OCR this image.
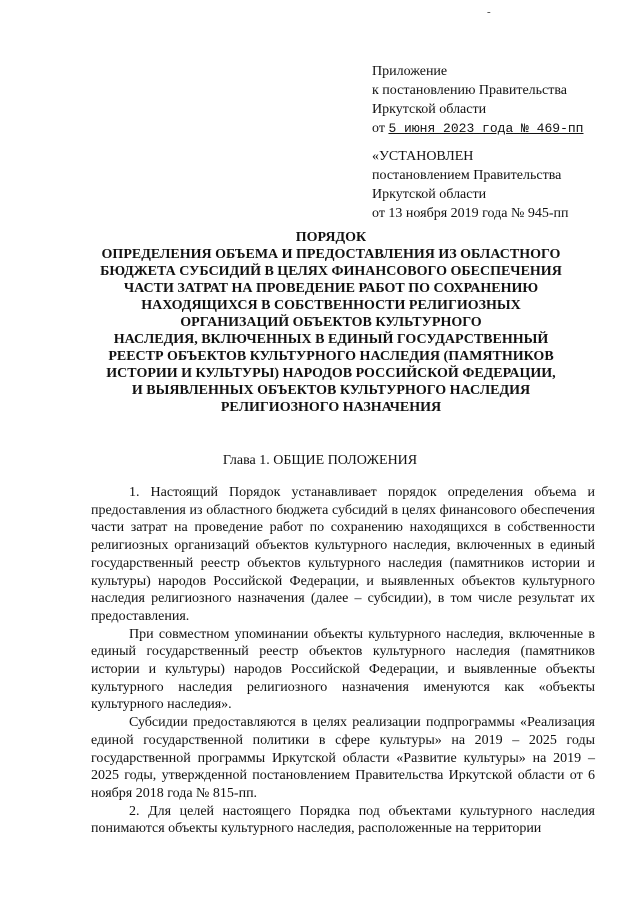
-
Приложение
к постановлению Правительства
Иркутской области
от 5 июня 2023 года № 469-пп
«УСТАНОВЛЕН
постановлением Правительства
Иркутской области
от 13 ноября 2019 года № 945-пп
ПОРЯДОК
ОПРЕДЕЛЕНИЯ ОБЪЕМА И ПРЕДОСТАВЛЕНИЯ ИЗ ОБЛАСТНОГО
БЮДЖЕТА СУБСИДИЙ В ЦЕЛЯХ ФИНАНСОВОГО ОБЕСПЕЧЕНИЯ
ЧАСТИ ЗАТРАТ НА ПРОВЕДЕНИЕ РАБОТ ПО СОХРАНЕНИЮ
НАХОДЯЩИХСЯ В СОБСТВЕННОСТИ РЕЛИГИОЗНЫХ
ОРГАНИЗАЦИЙ ОБЪЕКТОВ КУЛЬТУРНОГО
НАСЛЕДИЯ, ВКЛЮЧЕННЫХ В ЕДИНЫЙ ГОСУДАРСТВЕННЫЙ
РЕЕСТР ОБЪЕКТОВ КУЛЬТУРНОГО НАСЛЕДИЯ (ПАМЯТНИКОВ
ИСТОРИИ И КУЛЬТУРЫ) НАРОДОВ РОССИЙСКОЙ ФЕДЕРАЦИИ,
И ВЫЯВЛЕННЫХ ОБЪЕКТОВ КУЛЬТУРНОГО НАСЛЕДИЯ
РЕЛИГИОЗНОГО НАЗНАЧЕНИЯ
Глава 1. ОБЩИЕ ПОЛОЖЕНИЯ

1. Настоящий Порядок устанавливает порядок определения объема и предоставления из областного бюджета субсидий в целях финансового обеспечения части затрат на проведение работ по сохранению находящихся в собственности религиозных организаций объектов культурного наследия, включенных в единый государственный реестр объектов культурного наследия (памятников истории и культуры) народов Российской Федерации, и выявленных объектов культурного наследия религиозного назначения (далее – субсидии), в том числе результат их предоставления.

При совместном упоминании объекты культурного наследия, включенные в единый государственный реестр объектов культурного наследия (памятников истории и культуры) народов Российской Федерации, и выявленные объекты культурного наследия религиозного назначения именуются как «объекты культурного наследия».

Субсидии предоставляются в целях реализации подпрограммы «Реализация единой государственной политики в сфере культуры» на 2019 – 2025 годы государственной программы Иркутской области «Развитие культуры» на 2019 – 2025 годы, утвержденной постановлением Правительства Иркутской области от 6 ноября 2018 года № 815-пп.

2. Для целей настоящего Порядка под объектами культурного наследия понимаются объекты культурного наследия, расположенные на территории
